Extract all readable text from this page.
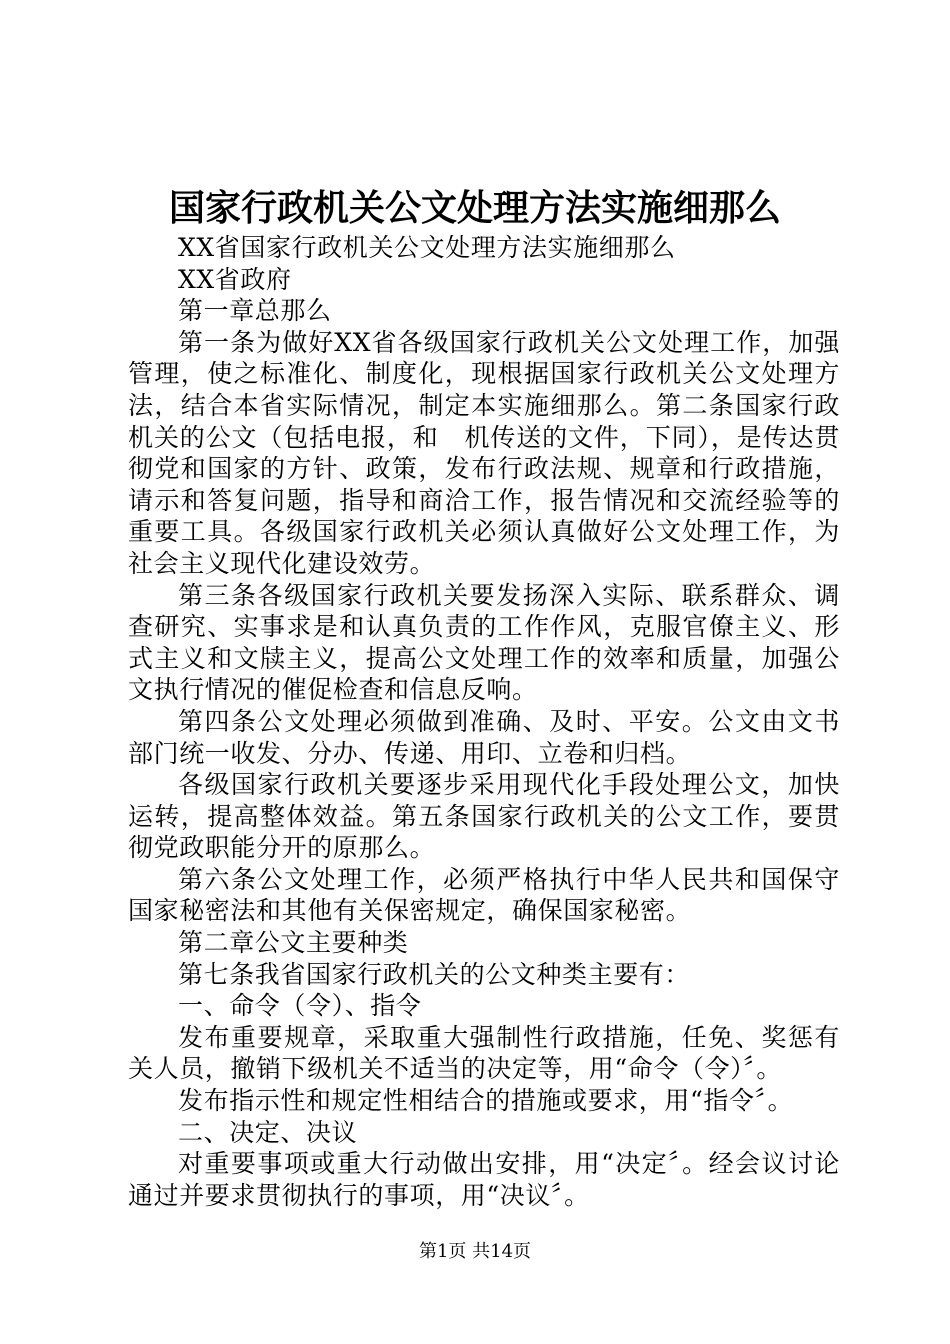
国家行政机关公文处理方法实施细那么

XX省国家行政机关公文处理方法实施细那么

XX省政府

第一章总那么

第一条为做好XX省各级国家行政机关公文处理工作，加强管理，使之标准化、制度化，现根据国家行政机关公文处理方法，结合本省实际情况，制定本实施细那么。第二条国家行政机关的公文（包括电报，和　机传送的文件，下同），是传达贯彻党和国家的方针、政策，发布行政法规、规章和行政措施，请示和答复问题，指导和商洽工作，报告情况和交流经验等的重要工具。各级国家行政机关必须认真做好公文处理工作，为社会主义现代化建设效劳。

第三条各级国家行政机关要发扬深入实际、联系群众、调查研究、实事求是和认真负责的工作作风，克服官僚主义、形式主义和文牍主义，提高公文处理工作的效率和质量，加强公文执行情况的催促检查和信息反响。

第四条公文处理必须做到准确、及时、平安。公文由文书部门统一收发、分办、传递、用印、立卷和归档。

各级国家行政机关要逐步采用现代化手段处理公文，加快运转，提高整体效益。第五条国家行政机关的公文工作，要贯彻党政职能分开的原那么。

第六条公文处理工作，必须严格执行中华人民共和国保守国家秘密法和其他有关保密规定，确保国家秘密。

第二章公文主要种类

第七条我省国家行政机关的公文种类主要有：

一、命令（令）、指令

发布重要规章，采取重大强制性行政措施，任免、奖惩有关人员，撤销下级机关不适当的决定等，用“命令（令）〞。

发布指示性和规定性相结合的措施或要求，用“指令〞。

二、决定、决议

对重要事项或重大行动做出安排，用“决定〞。经会议讨论通过并要求贯彻执行的事项，用“决议〞。

第1页 共14页
